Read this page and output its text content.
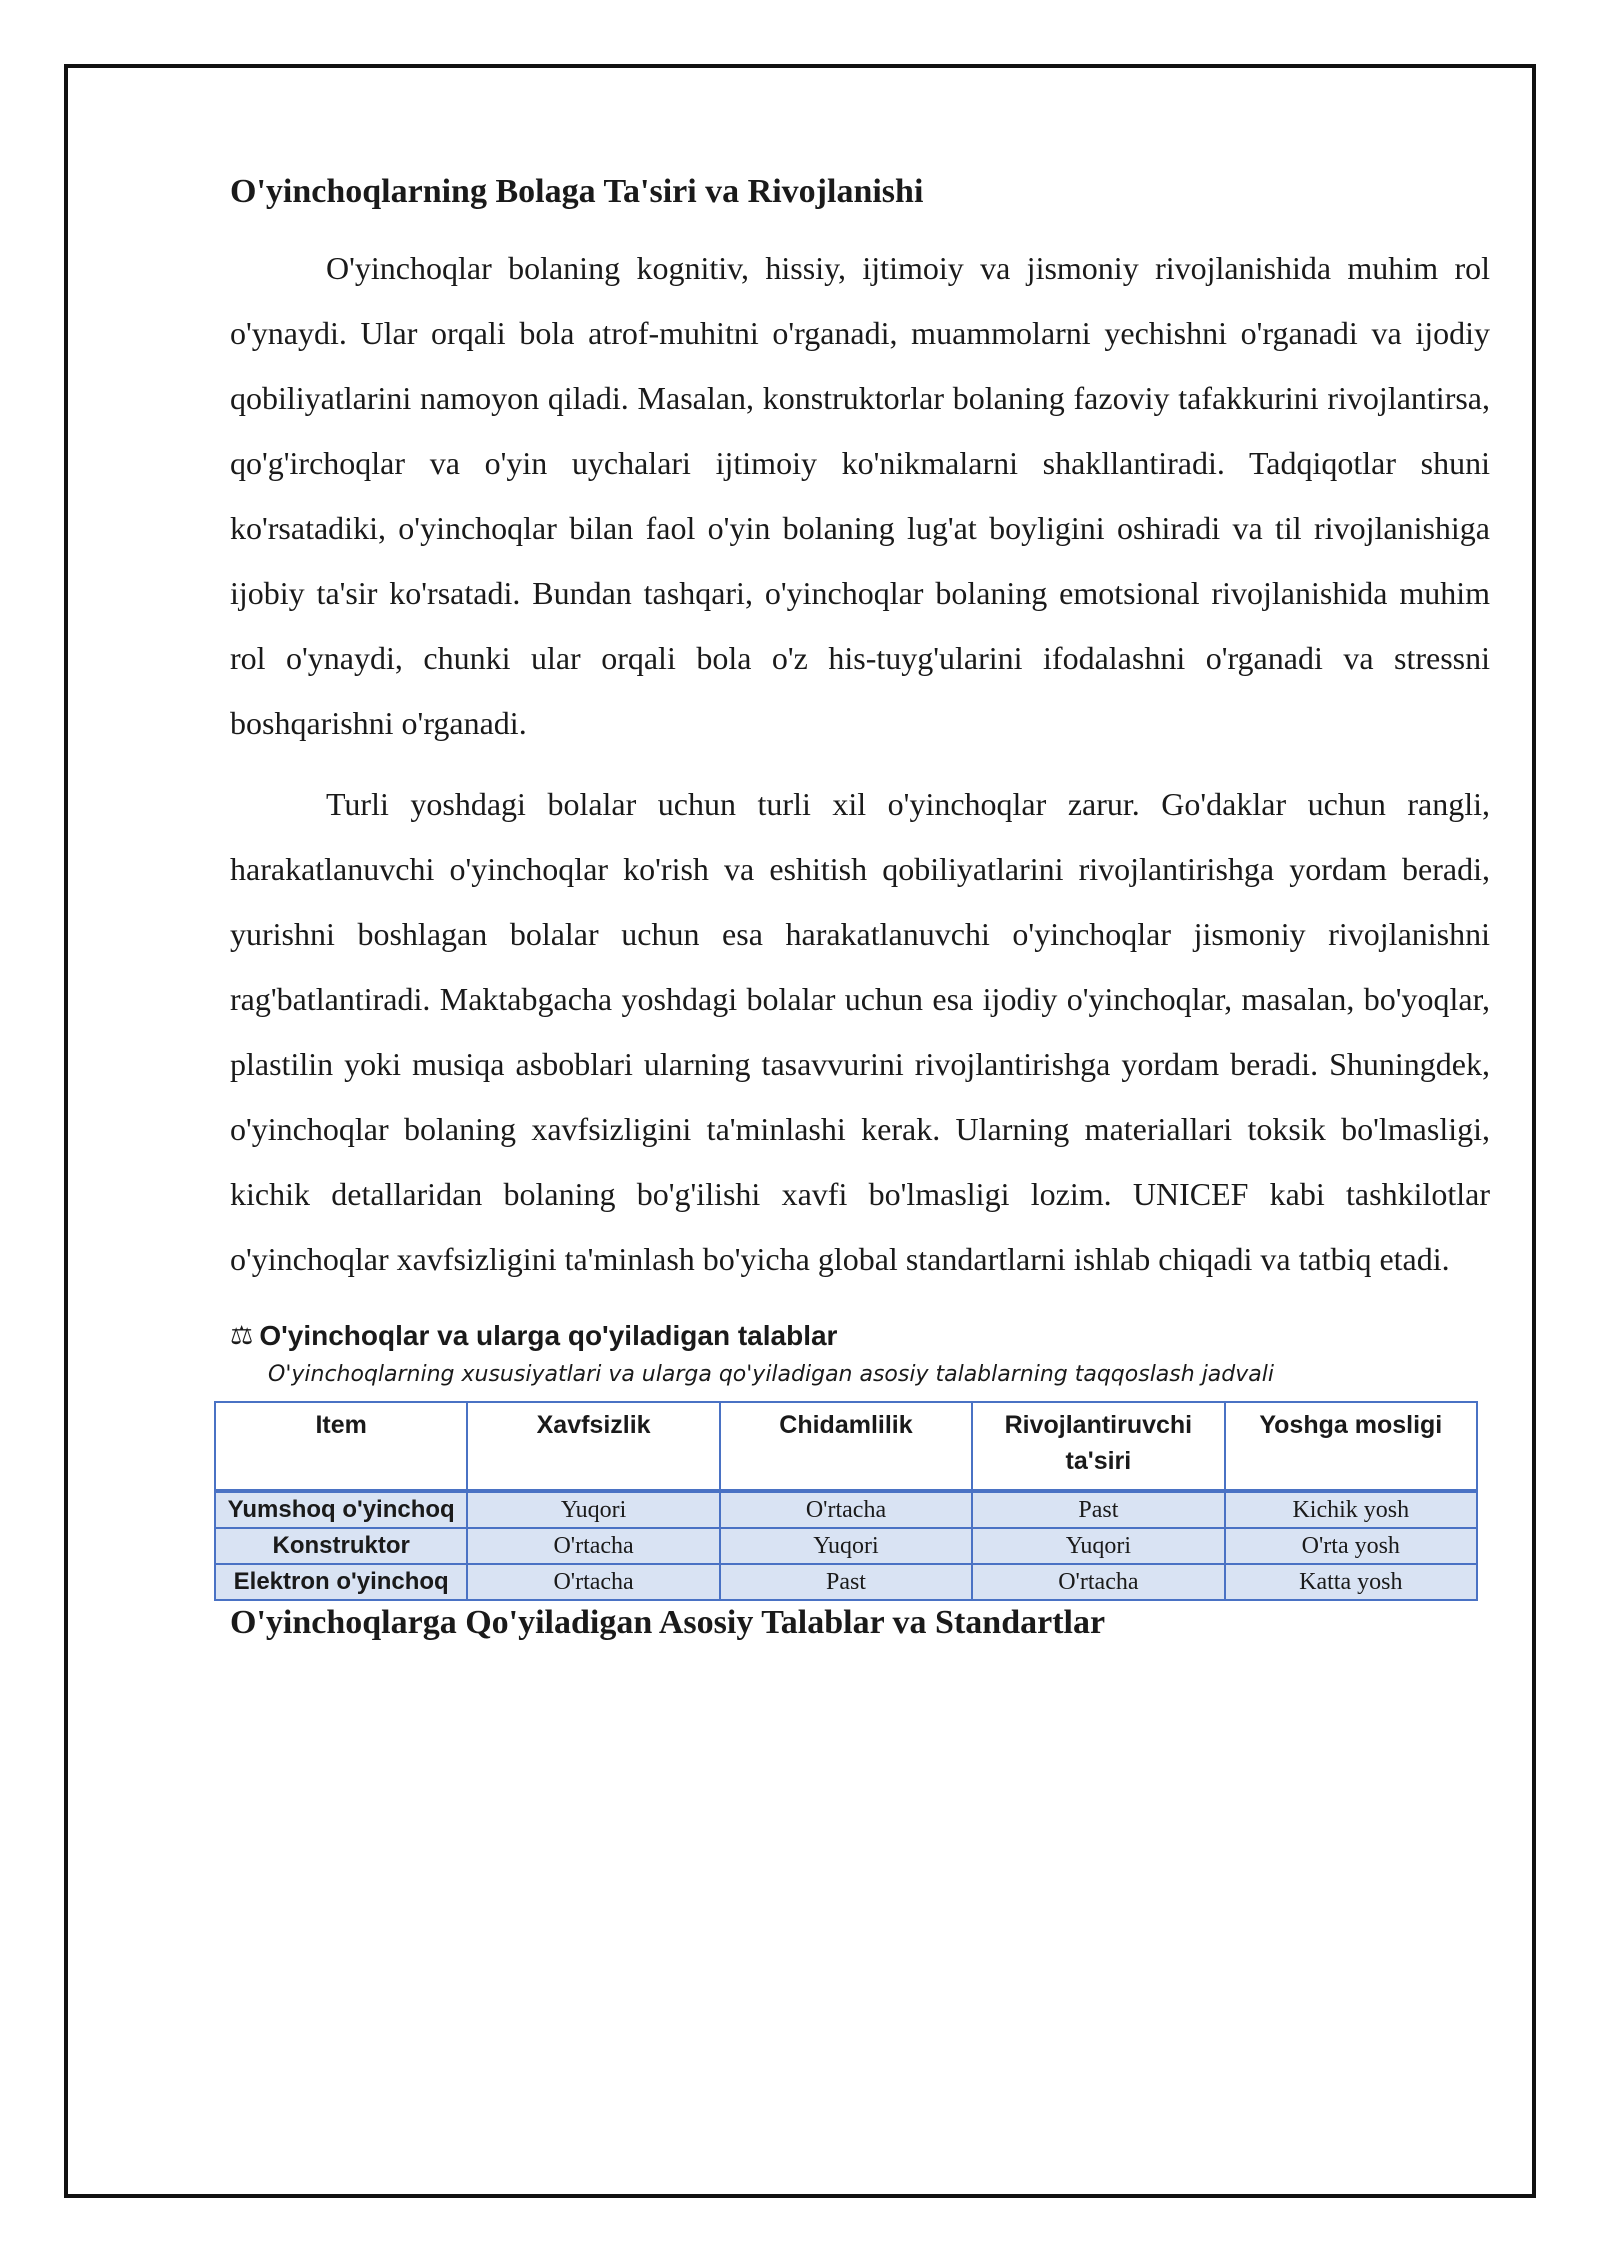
O'yinchoqlarning Bolaga Ta'siri va Rivojlanishi

O'yinchoqlar bolaning kognitiv, hissiy, ijtimoiy va jismoniy rivojlanishida muhim rol o'ynaydi. Ular orqali bola atrof-muhitni o'rganadi, muammolarni yechishni o'rganadi va ijodiy qobiliyatlarini namoyon qiladi. Masalan, konstruktorlar bolaning fazoviy tafakkurini rivojlantirsa, qo'g'irchoqlar va o'yin uychalari ijtimoiy ko'nikmalarni shakllantiradi. Tadqiqotlar shuni ko'rsatadiki, o'yinchoqlar bilan faol o'yin bolaning lug'at boyligini oshiradi va til rivojlanishiga ijobiy ta'sir ko'rsatadi. Bundan tashqari, o'yinchoqlar bolaning emotsional rivojlanishida muhim rol o'ynaydi, chunki ular orqali bola o'z his-tuyg'ularini ifodalashni o'rganadi va stressni boshqarishni o'rganadi.

Turli yoshdagi bolalar uchun turli xil o'yinchoqlar zarur. Go'daklar uchun rangli, harakatlanuvchi o'yinchoqlar ko'rish va eshitish qobiliyatlarini rivojlantirishga yordam beradi, yurishni boshlagan bolalar uchun esa harakatlanuvchi o'yinchoqlar jismoniy rivojlanishni rag'batlantiradi. Maktabgacha yoshdagi bolalar uchun esa ijodiy o'yinchoqlar, masalan, bo'yoqlar, plastilin yoki musiqa asboblari ularning tasavvurini rivojlantirishga yordam beradi. Shuningdek, o'yinchoqlar bolaning xavfsizligini ta'minlashi kerak. Ularning materiallari toksik bo'lmasligi, kichik detallaridan bolaning bo'g'ilishi xavfi bo'lmasligi lozim. UNICEF kabi tashkilotlar o'yinchoqlar xavfsizligini ta'minlash bo'yicha global standartlarni ishlab chiqadi va tatbiq etadi.

⚖ O'yinchoqlar va ularga qo'yiladigan talablar
O'yinchoqlarning xususiyatlari va ularga qo'yiladigan asosiy talablarning taqqoslash jadvali
Item	Xavfsizlik	Chidamlilik	Rivojlantiruvchi ta'siri	Yoshga mosligi
Yumshoq o'yinchoq	Yuqori	O'rtacha	Past	Kichik yosh
Konstruktor	O'rtacha	Yuqori	Yuqori	O'rta yosh
Elektron o'yinchoq	O'rtacha	Past	O'rtacha	Katta yosh
O'yinchoqlarga Qo'yiladigan Asosiy Talablar va Standartlar
